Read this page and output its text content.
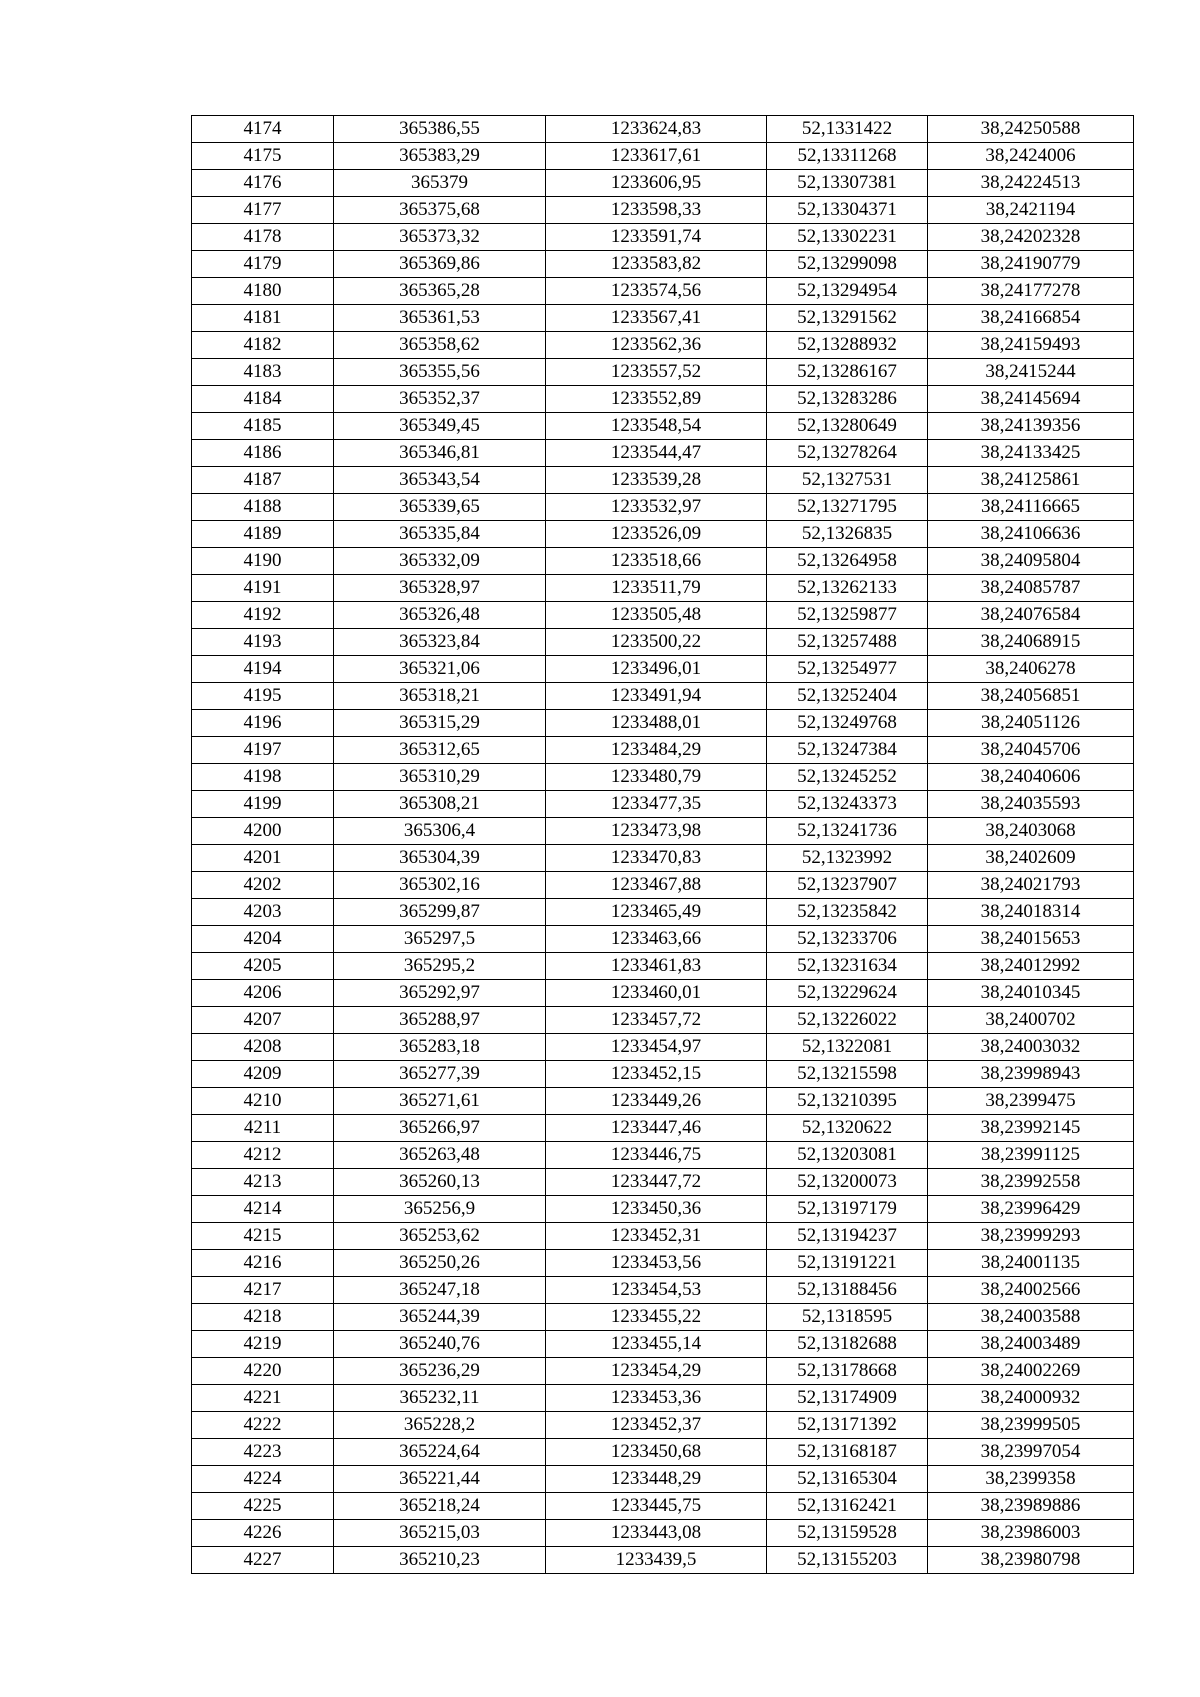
4174	365386,55	1233624,83	52,1331422	38,24250588
4175	365383,29	1233617,61	52,13311268	38,2424006
4176	365379	1233606,95	52,13307381	38,24224513
4177	365375,68	1233598,33	52,13304371	38,2421194
4178	365373,32	1233591,74	52,13302231	38,24202328
4179	365369,86	1233583,82	52,13299098	38,24190779
4180	365365,28	1233574,56	52,13294954	38,24177278
4181	365361,53	1233567,41	52,13291562	38,24166854
4182	365358,62	1233562,36	52,13288932	38,24159493
4183	365355,56	1233557,52	52,13286167	38,2415244
4184	365352,37	1233552,89	52,13283286	38,24145694
4185	365349,45	1233548,54	52,13280649	38,24139356
4186	365346,81	1233544,47	52,13278264	38,24133425
4187	365343,54	1233539,28	52,1327531	38,24125861
4188	365339,65	1233532,97	52,13271795	38,24116665
4189	365335,84	1233526,09	52,1326835	38,24106636
4190	365332,09	1233518,66	52,13264958	38,24095804
4191	365328,97	1233511,79	52,13262133	38,24085787
4192	365326,48	1233505,48	52,13259877	38,24076584
4193	365323,84	1233500,22	52,13257488	38,24068915
4194	365321,06	1233496,01	52,13254977	38,2406278
4195	365318,21	1233491,94	52,13252404	38,24056851
4196	365315,29	1233488,01	52,13249768	38,24051126
4197	365312,65	1233484,29	52,13247384	38,24045706
4198	365310,29	1233480,79	52,13245252	38,24040606
4199	365308,21	1233477,35	52,13243373	38,24035593
4200	365306,4	1233473,98	52,13241736	38,2403068
4201	365304,39	1233470,83	52,1323992	38,2402609
4202	365302,16	1233467,88	52,13237907	38,24021793
4203	365299,87	1233465,49	52,13235842	38,24018314
4204	365297,5	1233463,66	52,13233706	38,24015653
4205	365295,2	1233461,83	52,13231634	38,24012992
4206	365292,97	1233460,01	52,13229624	38,24010345
4207	365288,97	1233457,72	52,13226022	38,2400702
4208	365283,18	1233454,97	52,1322081	38,24003032
4209	365277,39	1233452,15	52,13215598	38,23998943
4210	365271,61	1233449,26	52,13210395	38,2399475
4211	365266,97	1233447,46	52,1320622	38,23992145
4212	365263,48	1233446,75	52,13203081	38,23991125
4213	365260,13	1233447,72	52,13200073	38,23992558
4214	365256,9	1233450,36	52,13197179	38,23996429
4215	365253,62	1233452,31	52,13194237	38,23999293
4216	365250,26	1233453,56	52,13191221	38,24001135
4217	365247,18	1233454,53	52,13188456	38,24002566
4218	365244,39	1233455,22	52,1318595	38,24003588
4219	365240,76	1233455,14	52,13182688	38,24003489
4220	365236,29	1233454,29	52,13178668	38,24002269
4221	365232,11	1233453,36	52,13174909	38,24000932
4222	365228,2	1233452,37	52,13171392	38,23999505
4223	365224,64	1233450,68	52,13168187	38,23997054
4224	365221,44	1233448,29	52,13165304	38,2399358
4225	365218,24	1233445,75	52,13162421	38,23989886
4226	365215,03	1233443,08	52,13159528	38,23986003
4227	365210,23	1233439,5	52,13155203	38,23980798
